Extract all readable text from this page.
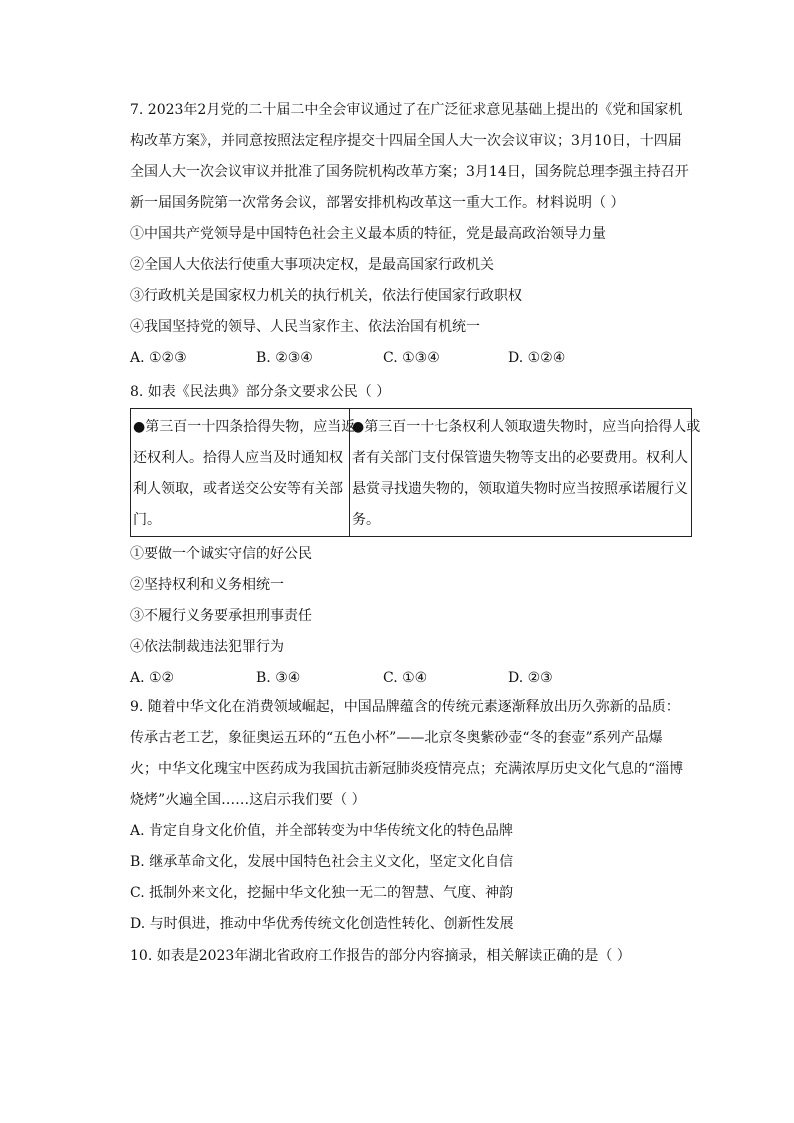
7. 2023年2月党的二十届二中全会审议通过了在广泛征求意见基础上提出的《党和国家机
构改革方案》，并同意按照法定程序提交十四届全国人大一次会议审议；3月10日，十四届
全国人大一次会议审议并批准了国务院机构改革方案；3月14日，国务院总理李强主持召开
新一届国务院第一次常务会议，部署安排机构改革这一重大工作。材料说明（ ）
①中国共产党领导是中国特色社会主义最本质的特征，党是最高政治领导力量
②全国人大依法行使重大事项决定权，是最高国家行政机关
③行政机关是国家权力机关的执行机关，依法行使国家行政职权
④我国坚持党的领导、人民当家作主、依法治国有机统一
A. ①②③	B. ②③④	C. ①③④	D. ①②④
8. 如表《民法典》部分条文要求公民（ ）
●第三百一十四条拾得失物，应当返
还权利人。拾得人应当及时通知权
利人领取，或者送交公安等有关部
门。
●第三百一十七条权利人领取遗失物时，应当向拾得人或
者有关部门支付保管遗失物等支出的必要费用。权利人
悬赏寻找遗失物的，领取道失物时应当按照承诺履行义
务。
①要做一个诚实守信的好公民
②坚持权利和义务相统一
③不履行义务要承担刑事责任
④依法制裁违法犯罪行为
A. ①②	B. ③④	C. ①④	D. ②③
9. 随着中华文化在消费领域崛起，中国品牌蕴含的传统元素逐渐释放出历久弥新的品质：
传承古老工艺，象征奥运五环的“五色小杯”——北京冬奥紫砂壶“冬的套壶”系列产品爆
火；中华文化瑰宝中医药成为我国抗击新冠肺炎疫情亮点；充满浓厚历史文化气息的“淄博
烧烤”火遍全国……这启示我们要（ ）
A. 肯定自身文化价值，并全部转变为中华传统文化的特色品牌
B. 继承革命文化，发展中国特色社会主义文化，坚定文化自信
C. 抵制外来文化，挖掘中华文化独一无二的智慧、气度、神韵
D. 与时俱进，推动中华优秀传统文化创造性转化、创新性发展
10. 如表是2023年湖北省政府工作报告的部分内容摘录，相关解读正确的是（ ）
